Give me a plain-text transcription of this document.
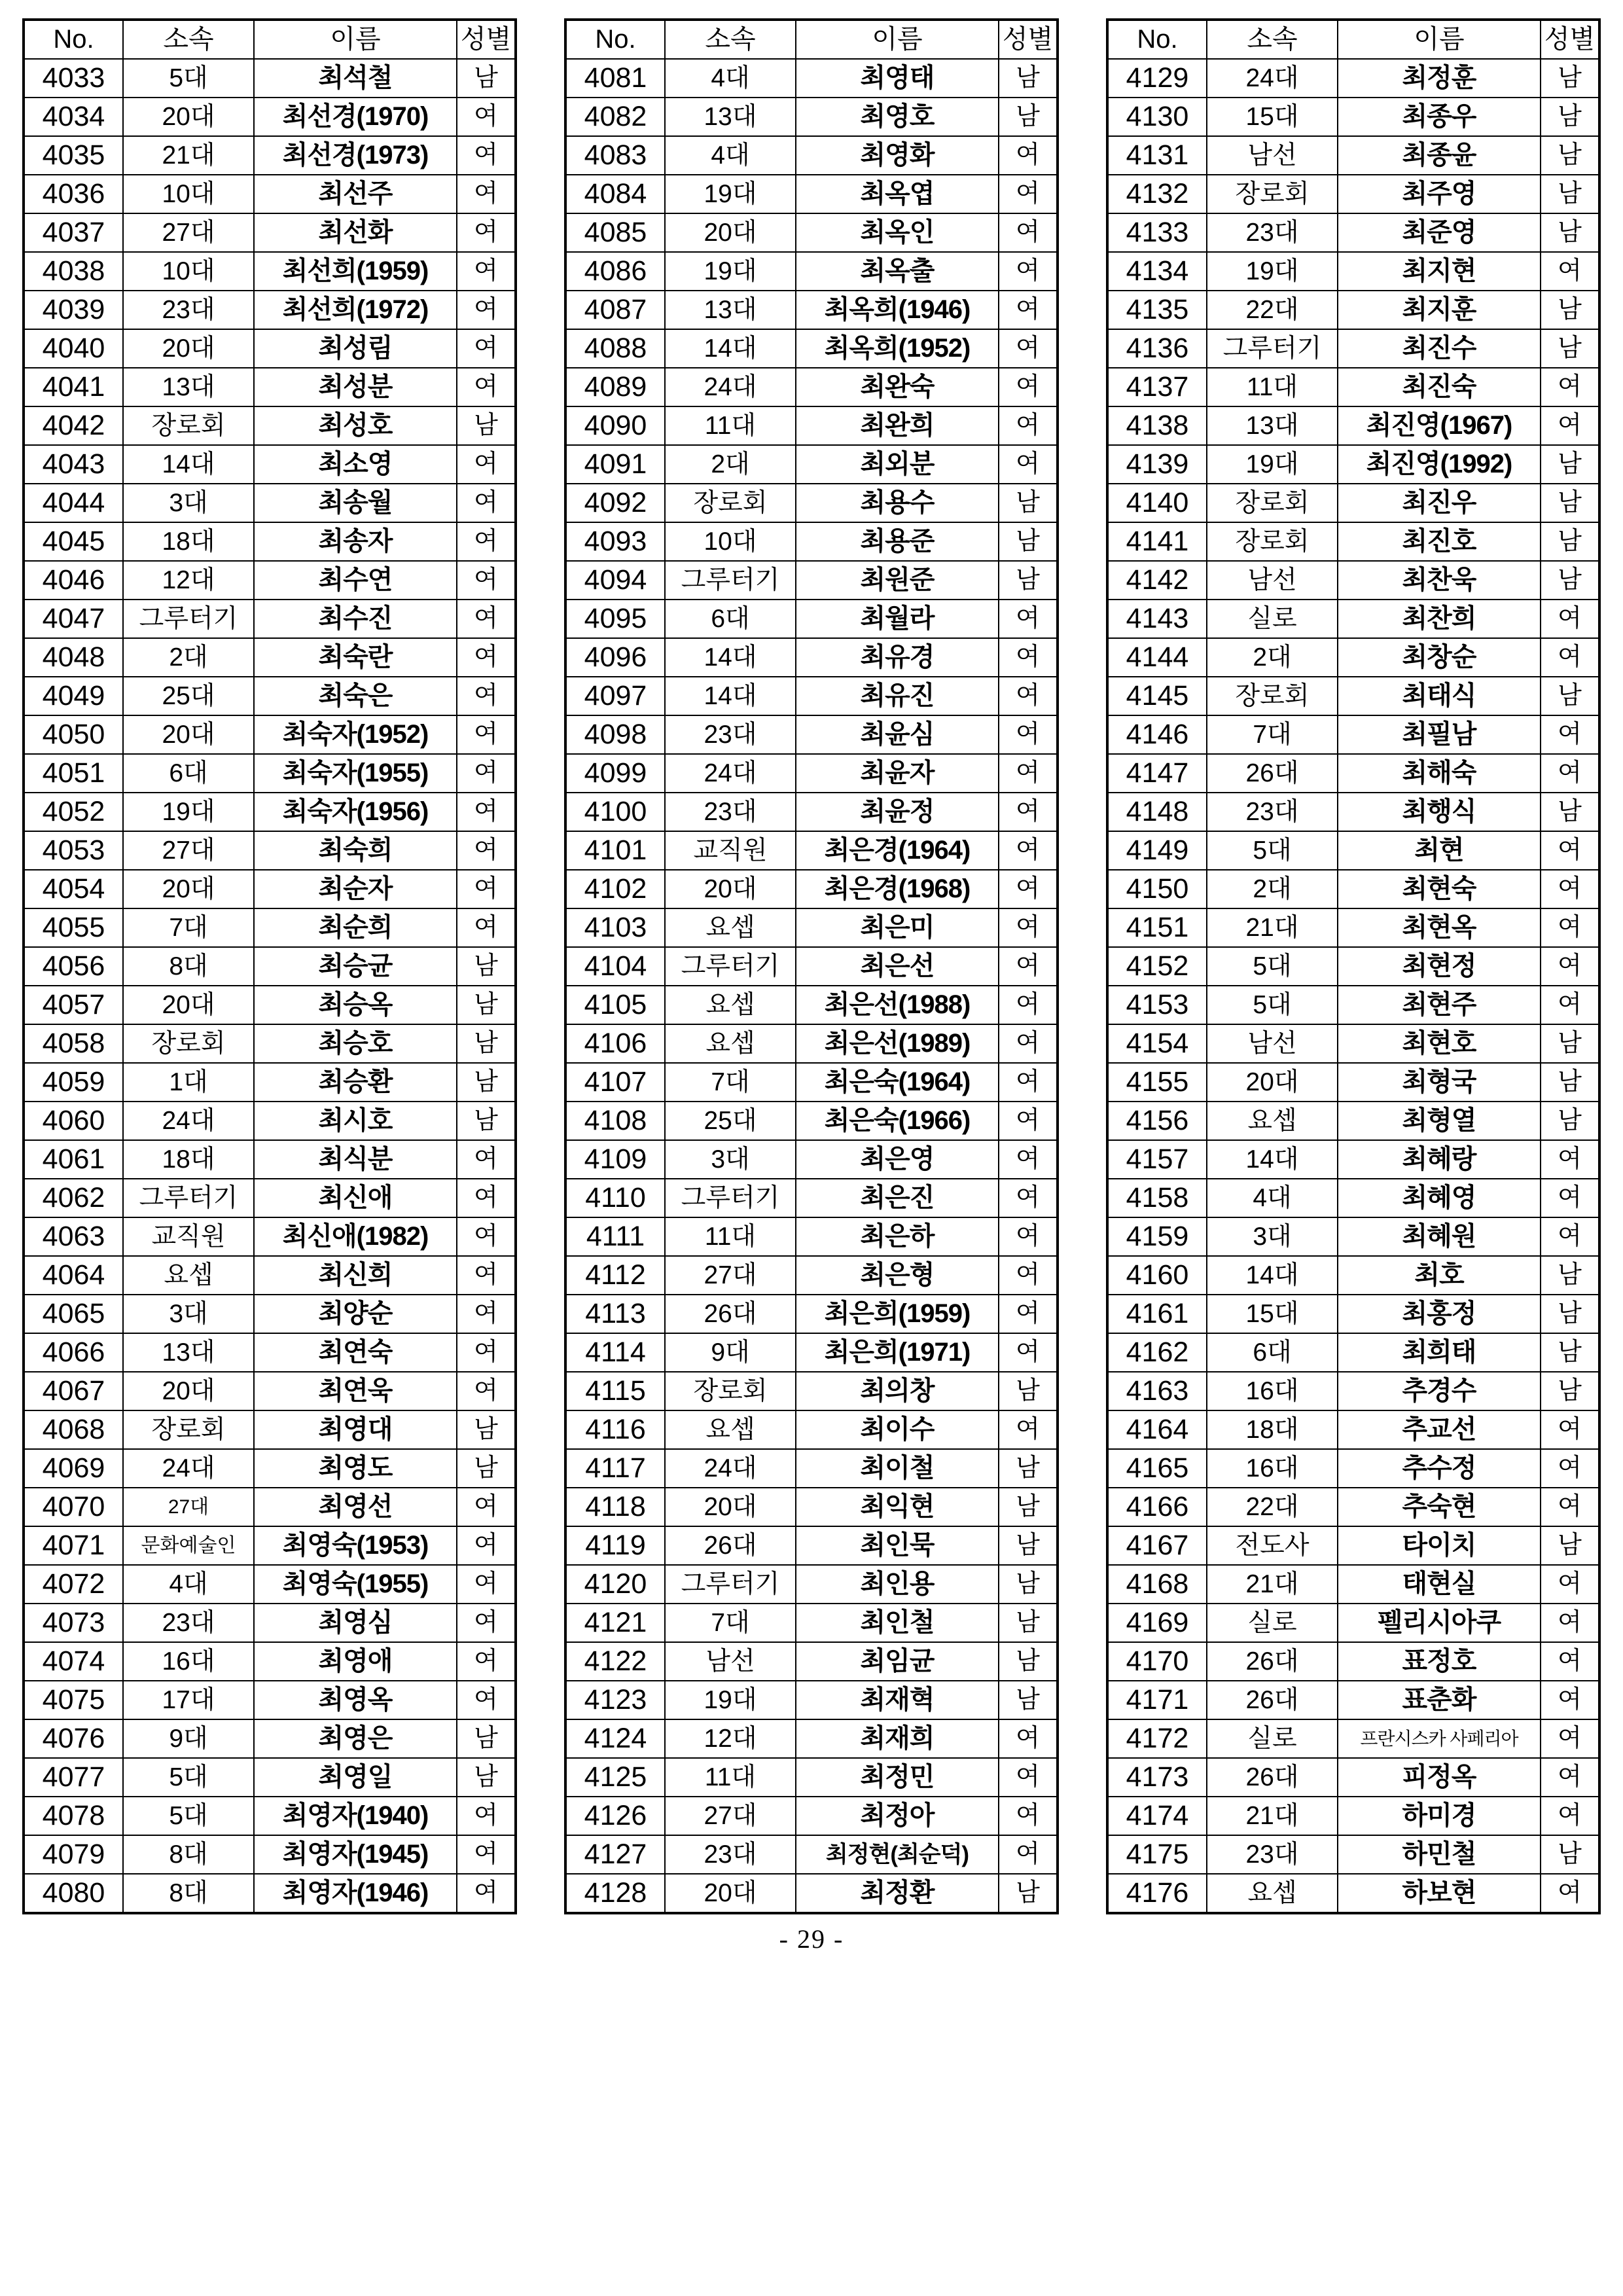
No.	소속	이름	성별
4033	5대	최석철	남
4034	20대	최선경(1970)	여
4035	21대	최선경(1973)	여
4036	10대	최선주	여
4037	27대	최선화	여
4038	10대	최선희(1959)	여
4039	23대	최선희(1972)	여
4040	20대	최성림	여
4041	13대	최성분	여
4042	장로회	최성호	남
4043	14대	최소영	여
4044	3대	최송월	여
4045	18대	최송자	여
4046	12대	최수연	여
4047	그루터기	최수진	여
4048	2대	최숙란	여
4049	25대	최숙은	여
4050	20대	최숙자(1952)	여
4051	6대	최숙자(1955)	여
4052	19대	최숙자(1956)	여
4053	27대	최숙희	여
4054	20대	최순자	여
4055	7대	최순희	여
4056	8대	최승균	남
4057	20대	최승옥	남
4058	장로회	최승호	남
4059	1대	최승환	남
4060	24대	최시호	남
4061	18대	최식분	여
4062	그루터기	최신애	여
4063	교직원	최신애(1982)	여
4064	요셉	최신희	여
4065	3대	최양순	여
4066	13대	최연숙	여
4067	20대	최연욱	여
4068	장로회	최영대	남
4069	24대	최영도	남
4070	27대	최영선	여
4071	문화예술인	최영숙(1953)	여
4072	4대	최영숙(1955)	여
4073	23대	최영심	여
4074	16대	최영애	여
4075	17대	최영옥	여
4076	9대	최영은	남
4077	5대	최영일	남
4078	5대	최영자(1940)	여
4079	8대	최영자(1945)	여
4080	8대	최영자(1946)	여
No.	소속	이름	성별
4081	4대	최영태	남
4082	13대	최영호	남
4083	4대	최영화	여
4084	19대	최옥엽	여
4085	20대	최옥인	여
4086	19대	최옥출	여
4087	13대	최옥희(1946)	여
4088	14대	최옥희(1952)	여
4089	24대	최완숙	여
4090	11대	최완희	여
4091	2대	최외분	여
4092	장로회	최용수	남
4093	10대	최용준	남
4094	그루터기	최원준	남
4095	6대	최월라	여
4096	14대	최유경	여
4097	14대	최유진	여
4098	23대	최윤심	여
4099	24대	최윤자	여
4100	23대	최윤정	여
4101	교직원	최은경(1964)	여
4102	20대	최은경(1968)	여
4103	요셉	최은미	여
4104	그루터기	최은선	여
4105	요셉	최은선(1988)	여
4106	요셉	최은선(1989)	여
4107	7대	최은숙(1964)	여
4108	25대	최은숙(1966)	여
4109	3대	최은영	여
4110	그루터기	최은진	여
4111	11대	최은하	여
4112	27대	최은형	여
4113	26대	최은희(1959)	여
4114	9대	최은희(1971)	여
4115	장로회	최의창	남
4116	요셉	최이수	여
4117	24대	최이철	남
4118	20대	최익현	남
4119	26대	최인묵	남
4120	그루터기	최인용	남
4121	7대	최인철	남
4122	남선	최임균	남
4123	19대	최재혁	남
4124	12대	최재희	여
4125	11대	최정민	여
4126	27대	최정아	여
4127	23대	최정현(최순덕)	여
4128	20대	최정환	남
No.	소속	이름	성별
4129	24대	최정훈	남
4130	15대	최종우	남
4131	남선	최종윤	남
4132	장로회	최주영	남
4133	23대	최준영	남
4134	19대	최지현	여
4135	22대	최지훈	남
4136	그루터기	최진수	남
4137	11대	최진숙	여
4138	13대	최진영(1967)	여
4139	19대	최진영(1992)	남
4140	장로회	최진우	남
4141	장로회	최진호	남
4142	남선	최찬욱	남
4143	실로	최찬희	여
4144	2대	최창순	여
4145	장로회	최태식	남
4146	7대	최필남	여
4147	26대	최해숙	여
4148	23대	최행식	남
4149	5대	최현	여
4150	2대	최현숙	여
4151	21대	최현옥	여
4152	5대	최현정	여
4153	5대	최현주	여
4154	남선	최현호	남
4155	20대	최형국	남
4156	요셉	최형열	남
4157	14대	최혜랑	여
4158	4대	최혜영	여
4159	3대	최혜원	여
4160	14대	최호	남
4161	15대	최홍정	남
4162	6대	최희태	남
4163	16대	추경수	남
4164	18대	추교선	여
4165	16대	추수정	여
4166	22대	추숙현	여
4167	전도사	타이치	남
4168	21대	태현실	여
4169	실로	펠리시아쿠	여
4170	26대	표정호	여
4171	26대	표춘화	여
4172	실로	프란시스카 사페리아	여
4173	26대	피정옥	여
4174	21대	하미경	여
4175	23대	하민철	남
4176	요셉	하보현	여
- 29 -
